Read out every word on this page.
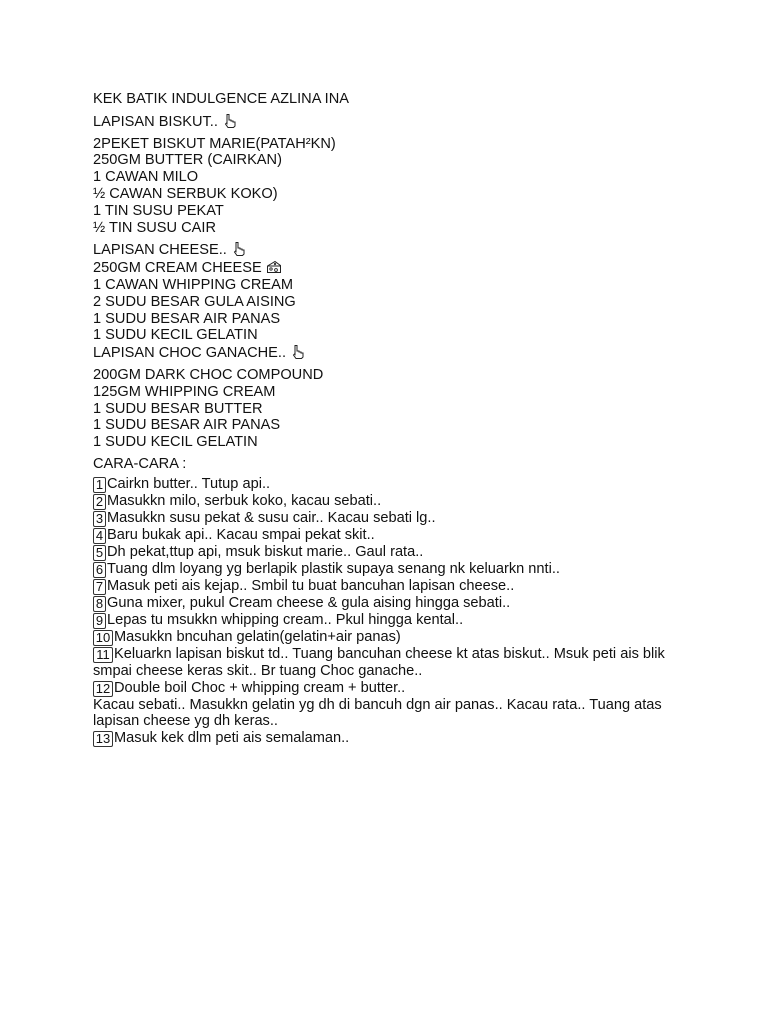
KEK BATIK INDULGENCE AZLINA INA
LAPISAN BISKUT..
2PEKET BISKUT MARIE(PATAH²KN)
250GM BUTTER (CAIRKAN)
1 CAWAN MILO
½ CAWAN SERBUK KOKO)
1 TIN SUSU PEKAT
½ TIN SUSU CAIR
LAPISAN CHEESE..
250GM CREAM CHEESE
1 CAWAN WHIPPING CREAM
2 SUDU BESAR GULA AISING
1 SUDU BESAR AIR PANAS
1 SUDU KECIL GELATIN
LAPISAN CHOC GANACHE..
200GM DARK CHOC COMPOUND
125GM WHIPPING CREAM
1 SUDU BESAR BUTTER
1 SUDU BESAR AIR PANAS
1 SUDU KECIL GELATIN
CARA-CARA :
1 Cairkn butter.. Tutup api..
2 Masukkn milo, serbuk koko, kacau sebati..
3 Masukkn susu pekat & susu cair.. Kacau sebati lg..
4 Baru bukak api.. Kacau smpai pekat skit..
5 Dh pekat,ttup api, msuk biskut marie.. Gaul rata..
6 Tuang dlm loyang yg berlapik plastik supaya senang nk keluarkn nnti..
7 Masuk peti ais kejap.. Smbil tu buat bancuhan lapisan cheese..
8 Guna mixer, pukul Cream cheese & gula aising hingga sebati..
9 Lepas tu msukkn whipping cream.. Pkul hingga kental..
10 Masukkn bncuhan gelatin(gelatin+air panas)
11 Keluarkn lapisan biskut td.. Tuang bancuhan cheese kt atas biskut.. Msuk peti ais blik smpai cheese keras skit.. Br tuang Choc ganache..
12 Double boil Choc + whipping cream + butter..
Kacau sebati.. Masukkn gelatin yg dh di bancuh dgn air panas.. Kacau rata.. Tuang atas lapisan cheese yg dh keras..
13 Masuk kek dlm peti ais semalaman..
